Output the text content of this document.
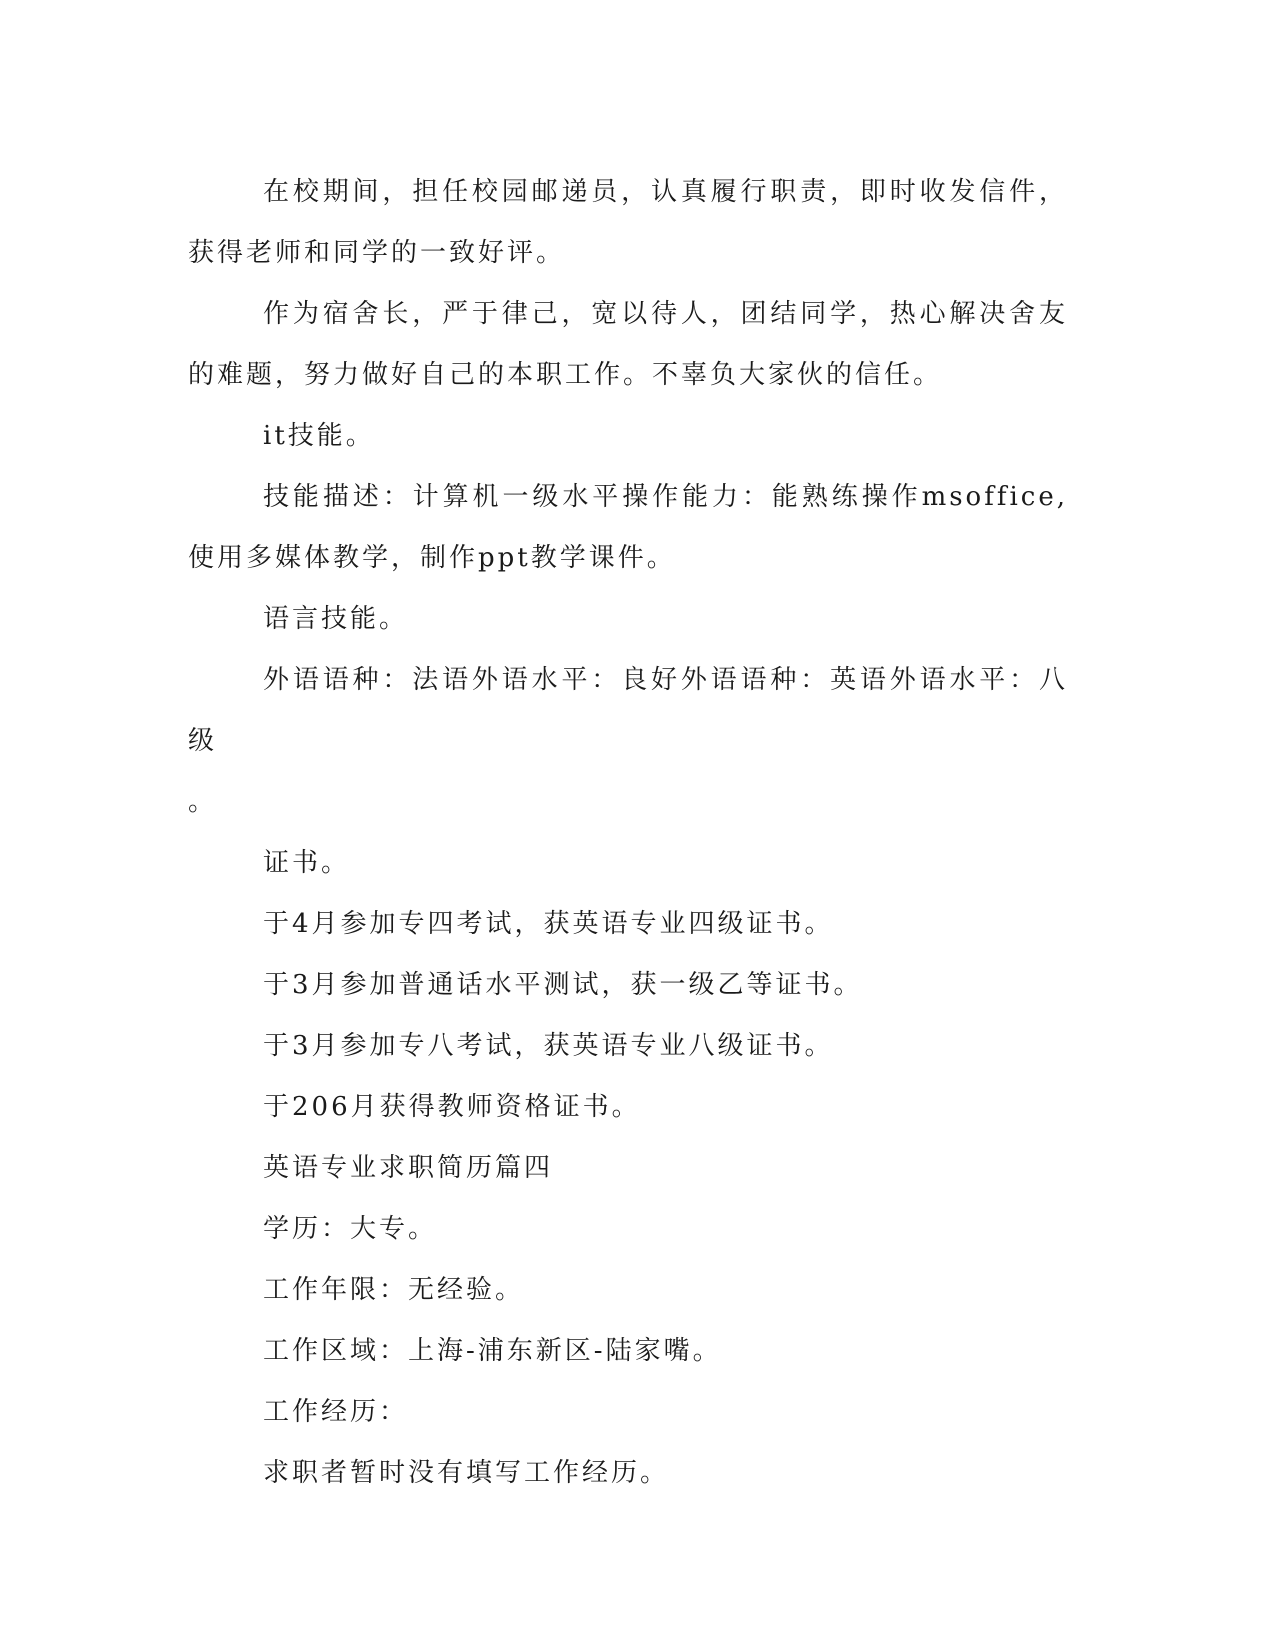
在校期间，担任校园邮递员，认真履行职责，即时收发信件，获得老师和同学的一致好评。

作为宿舍长，严于律己，宽以待人，团结同学，热心解决舍友的难题，努力做好自己的本职工作。不辜负大家伙的信任。

it技能。

技能描述：计算机一级水平操作能力：能熟练操作msoffice,使用多媒体教学，制作ppt教学课件。

语言技能。

外语语种：法语外语水平：良好外语语种：英语外语水平：八级

。

证书。

于4月参加专四考试，获英语专业四级证书。

于3月参加普通话水平测试，获一级乙等证书。

于3月参加专八考试，获英语专业八级证书。

于206月获得教师资格证书。

英语专业求职简历篇四

学历：大专。

工作年限：无经验。

工作区域：上海-浦东新区-陆家嘴。

工作经历：

求职者暂时没有填写工作经历。
